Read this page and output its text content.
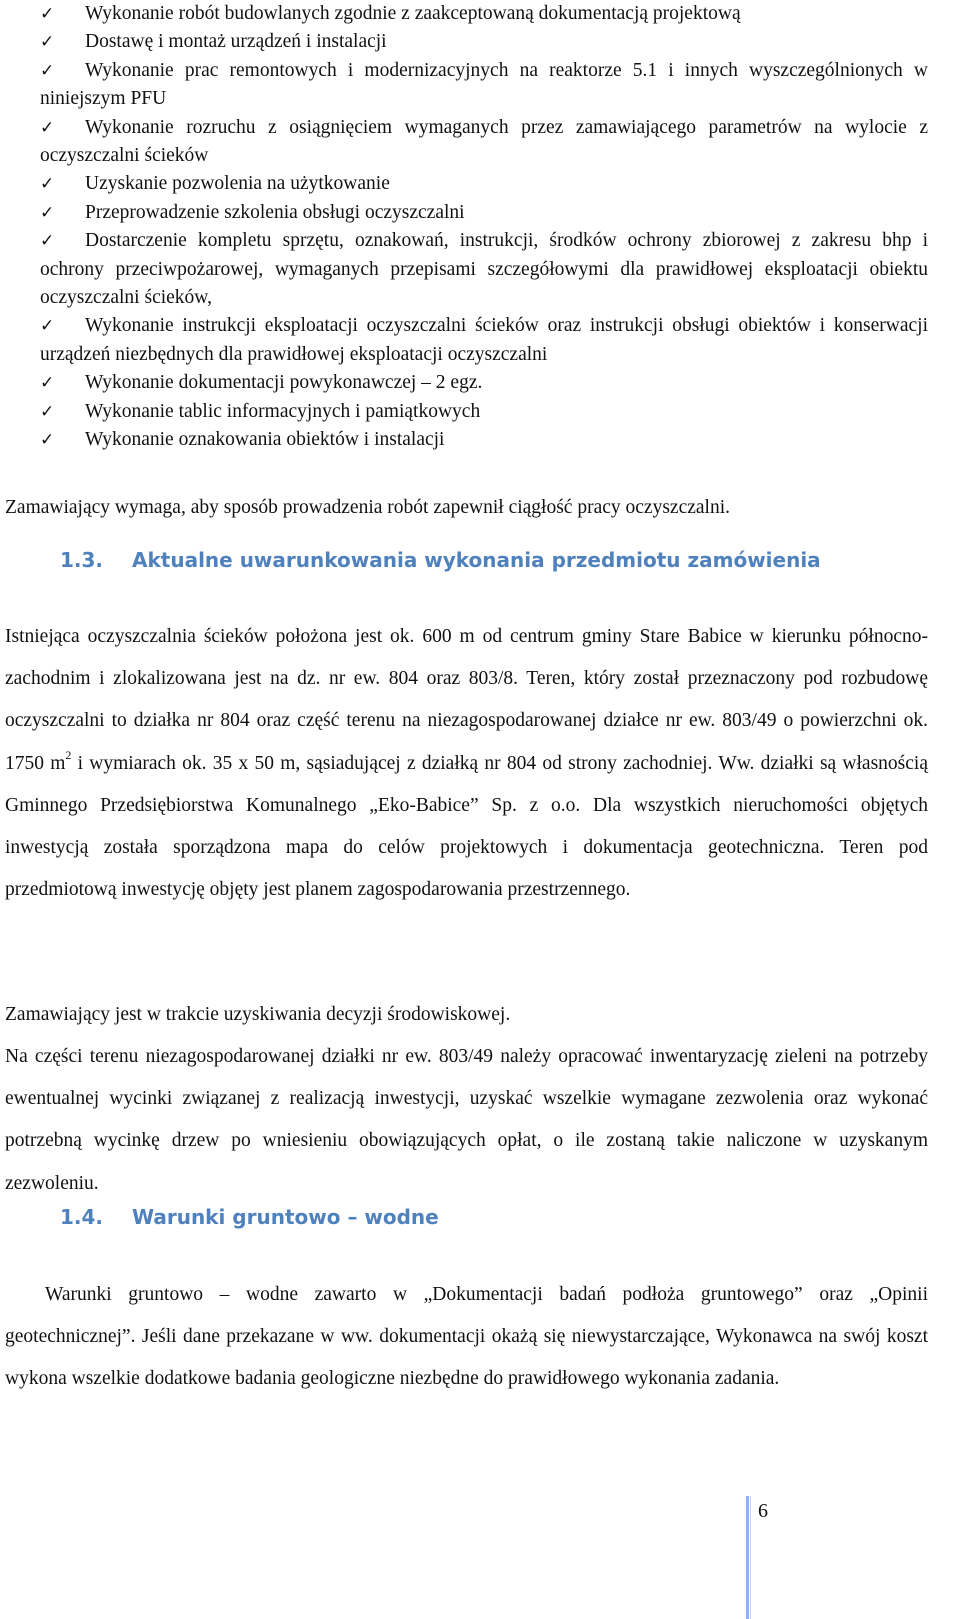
✓ Wykonanie robót budowlanych zgodnie z zaakceptowaną dokumentacją projektową
✓ Dostawę i montaż urządzeń i instalacji
✓ Wykonanie prac remontowych i modernizacyjnych na reaktorze 5.1 i innych wyszczególnionych w niniejszym PFU
✓ Wykonanie rozruchu z osiągnięciem wymaganych przez zamawiającego parametrów na wylocie z oczyszczalni ścieków
✓ Uzyskanie pozwolenia na użytkowanie
✓ Przeprowadzenie szkolenia obsługi oczyszczalni
✓ Dostarczenie kompletu sprzętu, oznakowań, instrukcji, środków ochrony zbiorowej z zakresu bhp i ochrony przeciwpożarowej, wymaganych przepisami szczegółowymi dla prawidłowej eksploatacji obiektu oczyszczalni ścieków,
✓ Wykonanie instrukcji eksploatacji oczyszczalni ścieków oraz instrukcji obsługi obiektów i konserwacji urządzeń niezbędnych dla prawidłowej eksploatacji oczyszczalni
✓ Wykonanie dokumentacji powykonawczej – 2 egz.
✓ Wykonanie tablic informacyjnych i pamiątkowych
✓ Wykonanie oznakowania obiektów i instalacji

Zamawiający wymaga, aby sposób prowadzenia robót zapewnił ciągłość pracy oczyszczalni.

1.3. Aktualne uwarunkowania wykonania przedmiotu zamówienia

Istniejąca oczyszczalnia ścieków położona jest ok. 600 m od centrum gminy Stare Babice w kierunku północno-zachodnim i zlokalizowana jest na dz. nr ew. 804 oraz 803/8. Teren, który został przeznaczony pod rozbudowę oczyszczalni to działka nr 804 oraz część terenu na niezagospodarowanej działce nr ew. 803/49 o powierzchni ok. 1750 $m^2$ i wymiarach ok. 35 x 50 m, sąsiadującej z działką nr 804 od strony zachodniej. Ww. działki są własnością Gminnego Przedsiębiorstwa Komunalnego „Eko-Babice” Sp. z o.o. Dla wszystkich nieruchomości objętych inwestycją została sporządzona mapa do celów projektowych i dokumentacja geotechniczna. Teren pod przedmiotową inwestycję objęty jest planem zagospodarowania przestrzennego.

Zamawiający jest w trakcie uzyskiwania decyzji środowiskowej.

Na części terenu niezagospodarowanej działki nr ew. 803/49 należy opracować inwentaryzację zieleni na potrzeby ewentualnej wycinki związanej z realizacją inwestycji, uzyskać wszelkie wymagane zezwolenia oraz wykonać potrzebną wycinkę drzew po wniesieniu obowiązujących opłat, o ile zostaną takie naliczone w uzyskanym zezwoleniu.

1.4. Warunki gruntowo – wodne

Warunki gruntowo – wodne zawarto w „Dokumentacji badań podłoża gruntowego” oraz „Opinii geotechnicznej”. Jeśli dane przekazane w ww. dokumentacji okażą się niewystarczające, Wykonawca na swój koszt wykona wszelkie dodatkowe badania geologiczne niezbędne do prawidłowego wykonania zadania.

6
